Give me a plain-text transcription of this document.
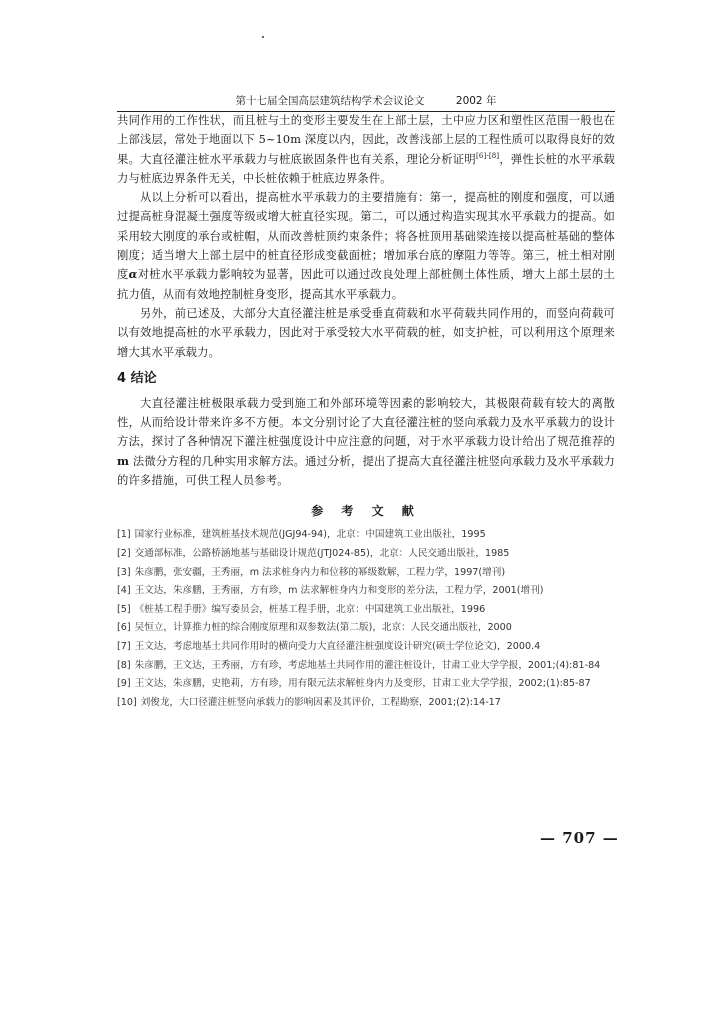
第十七届全国高层建筑结构学术会议论文	2002 年

共同作用的工作性状，而且桩与土的变形主要发生在上部土层，土中应力区和塑性区范围一般也在上部浅层，常处于地面以下 5~10m 深度以内，因此，改善浅部上层的工程性质可以取得良好的效果。大直径灌注桩水平承载力与桩底嵌固条件也有关系，理论分析证明[6]-[8]，弹性长桩的水平承载力与桩底边界条件无关，中长桩依赖于桩底边界条件。

从以上分析可以看出，提高桩水平承载力的主要措施有：第一，提高桩的刚度和强度，可以通过提高桩身混凝土强度等级或增大桩直径实现。第二，可以通过构造实现其水平承载力的提高。如采用较大刚度的承台或桩帽，从而改善桩顶约束条件；将各桩顶用基础梁连接以提高桩基础的整体刚度；适当增大上部土层中的桩直径形成变截面桩；增加承台底的摩阻力等等。第三，桩土相对刚度α对桩水平承载力影响较为显著，因此可以通过改良处理上部桩侧土体性质，增大上部土层的土抗力值，从而有效地控制桩身变形，提高其水平承载力。

另外，前已述及，大部分大直径灌注桩是承受垂直荷载和水平荷载共同作用的，而竖向荷载可以有效地提高桩的水平承载力，因此对于承受较大水平荷载的桩，如支护桩，可以利用这个原理来增大其水平承载力。

4 结论

大直径灌注桩极限承载力受到施工和外部环境等因素的影响较大，其极限荷载有较大的离散性，从而给设计带来许多不方便。本文分别讨论了大直径灌注桩的竖向承载力及水平承载力的设计方法，探讨了各种情况下灌注桩强度设计中应注意的问题，对于水平承载力设计给出了规范推荐的 m 法微分方程的几种实用求解方法。通过分析，提出了提高大直径灌注桩竖向承载力及水平承载力的许多措施，可供工程人员参考。

参 考 文 献
[1] 国家行业标准，建筑桩基技术规范(JGJ94-94)，北京：中国建筑工业出版社，1995
[2] 交通部标准，公路桥涵地基与基础设计规范(JTJ024-85)，北京：人民交通出版社，1985
[3] 朱彦鹏，张安疆，王秀丽，m 法求桩身内力和位移的幂级数解，工程力学，1997(增刊)
[4] 王文达，朱彦鹏，王秀丽，方有珍，m 法求解桩身内力和变形的差分法，工程力学，2001(增刊)
[5] 《桩基工程手册》编写委员会，桩基工程手册，北京：中国建筑工业出版社，1996
[6] 吴恒立，计算推力桩的综合刚度原理和双参数法(第二版)，北京：人民交通出版社，2000
[7] 王文达，考虑地基土共同作用时的横向受力大直径灌注桩强度设计研究(硕士学位论文)，2000.4
[8] 朱彦鹏，王文达，王秀丽，方有珍，考虑地基土共同作用的灌注桩设计，甘肃工业大学学报，2001;(4):81-84
[9] 王文达，朱彦鹏，史艳莉，方有珍，用有限元法求解桩身内力及变形，甘肃工业大学学报，2002;(1):85-87
[10] 刘俊龙，大口径灌注桩竖向承载力的影响因素及其评价，工程勘察，2001;(2):14-17
— 707 —
